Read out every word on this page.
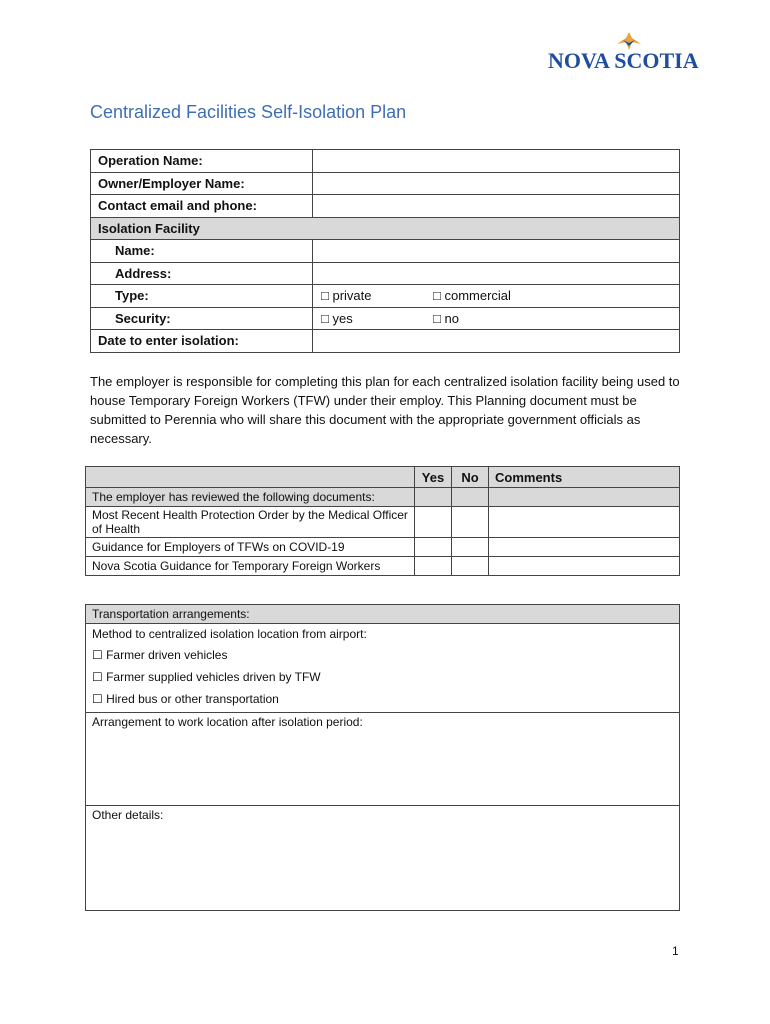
NOVA SCOTIA
Centralized Facilities Self-Isolation Plan
Operation Name:	
Owner/Employer Name:	
Contact email and phone:	
Isolation Facility	
Name:	
Address:	
Type:	□ private □ commercial

Security:	□ yes □ no

Date to enter isolation:	
The employer is responsible for completing this plan for each centralized isolation facility being used to house Temporary Foreign Workers (TFW) under their employ. This Planning document must be submitted to Perennia who will share this document with the appropriate government officials as necessary.
	Yes	No	Comments
The employer has reviewed the following documents:			
Most Recent Health Protection Order by the Medical Officer of Health			
Guidance for Employers of TFWs on COVID-19			
Nova Scotia Guidance for Temporary Foreign Workers			
Transportation arrangements:

Method to centralized isolation location from airport:
☐ Farmer driven vehicles
☐ Farmer supplied vehicles driven by TFW
☐ Hired bus or other transportation

Arrangement to work location after isolation period:

Other details:
1
